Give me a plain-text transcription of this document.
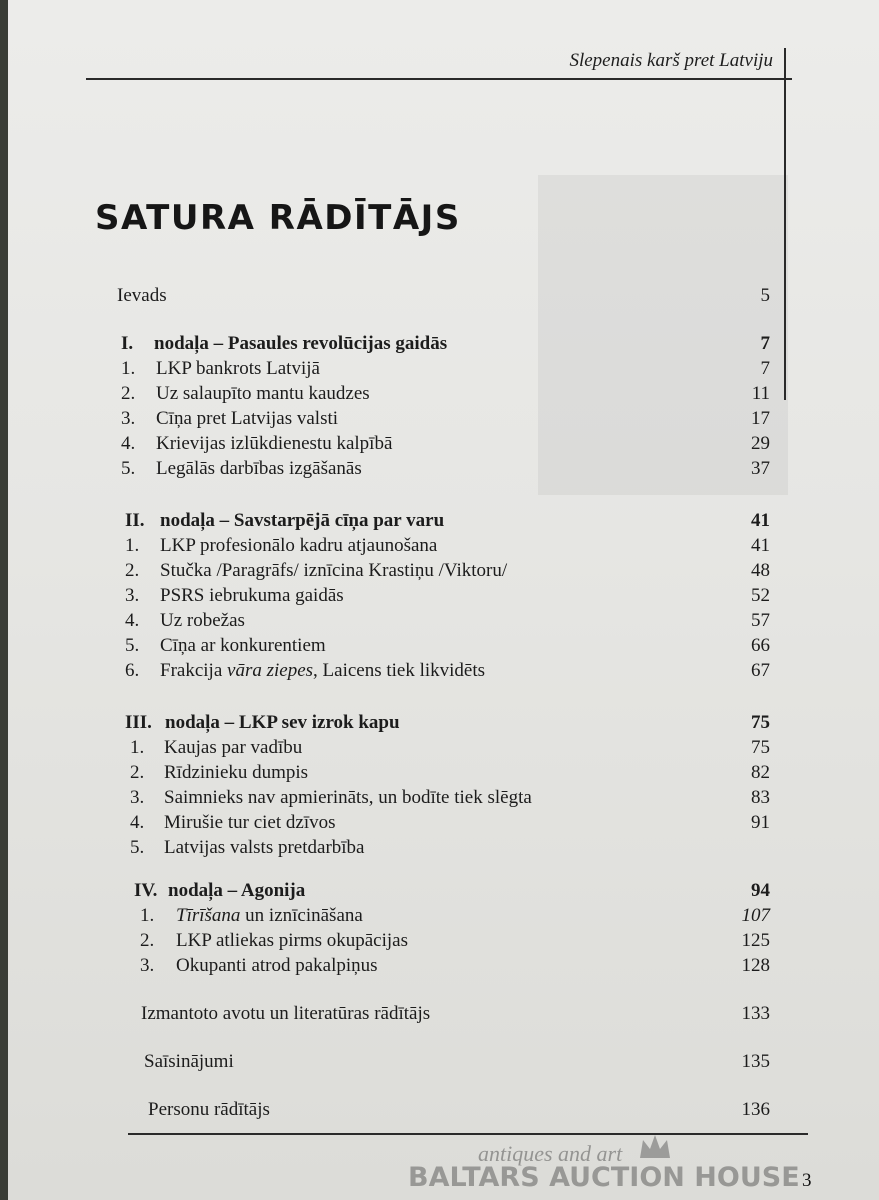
Slepenais karš pret Latviju
SATURA RĀDĪTĀJS
Ievads	5
I. nodaļa – Pasaules revolūcijas gaidās	7
1. LKP bankrots Latvijā	7
2. Uz salaupīto mantu kaudzes	11
3. Cīņa pret Latvijas valsti	17
4. Krievijas izlūkdienestu kalpībā	29
5. Legālās darbības izgāšanās	37
II. nodaļa – Savstarpējā cīņa par varu	41
1. LKP profesionālo kadru atjaunošana	41
2. Stučka /Paragrāfs/ iznīcina Krastiņu /Viktoru/	48
3. PSRS iebrukuma gaidās	52
4. Uz robežas	57
5. Cīņa ar konkurentiem	66
6. Frakcija vāra ziepes, Laicens tiek likvidēts	67
III. nodaļa – LKP sev izrok kapu	75
1. Kaujas par vadību	75
2. Rīdzinieku dumpis	82
3. Saimnieks nav apmierināts, un bodīte tiek slēgta	83
4. Mirušie tur ciet dzīvos	91
5. Latvijas valsts pretdarbība
IV. nodaļa – Agonija	94
1. Tīrīšana un iznīcināšana	107
2. LKP atliekas pirms okupācijas	125
3. Okupanti atrod pakalpiņus	128
Izmantoto avotu un literatūras rādītājs	133
Saīsinājumi	135
Personu rādītājs	136
antiques and art
BALTARS AUCTION HOUSE 3
